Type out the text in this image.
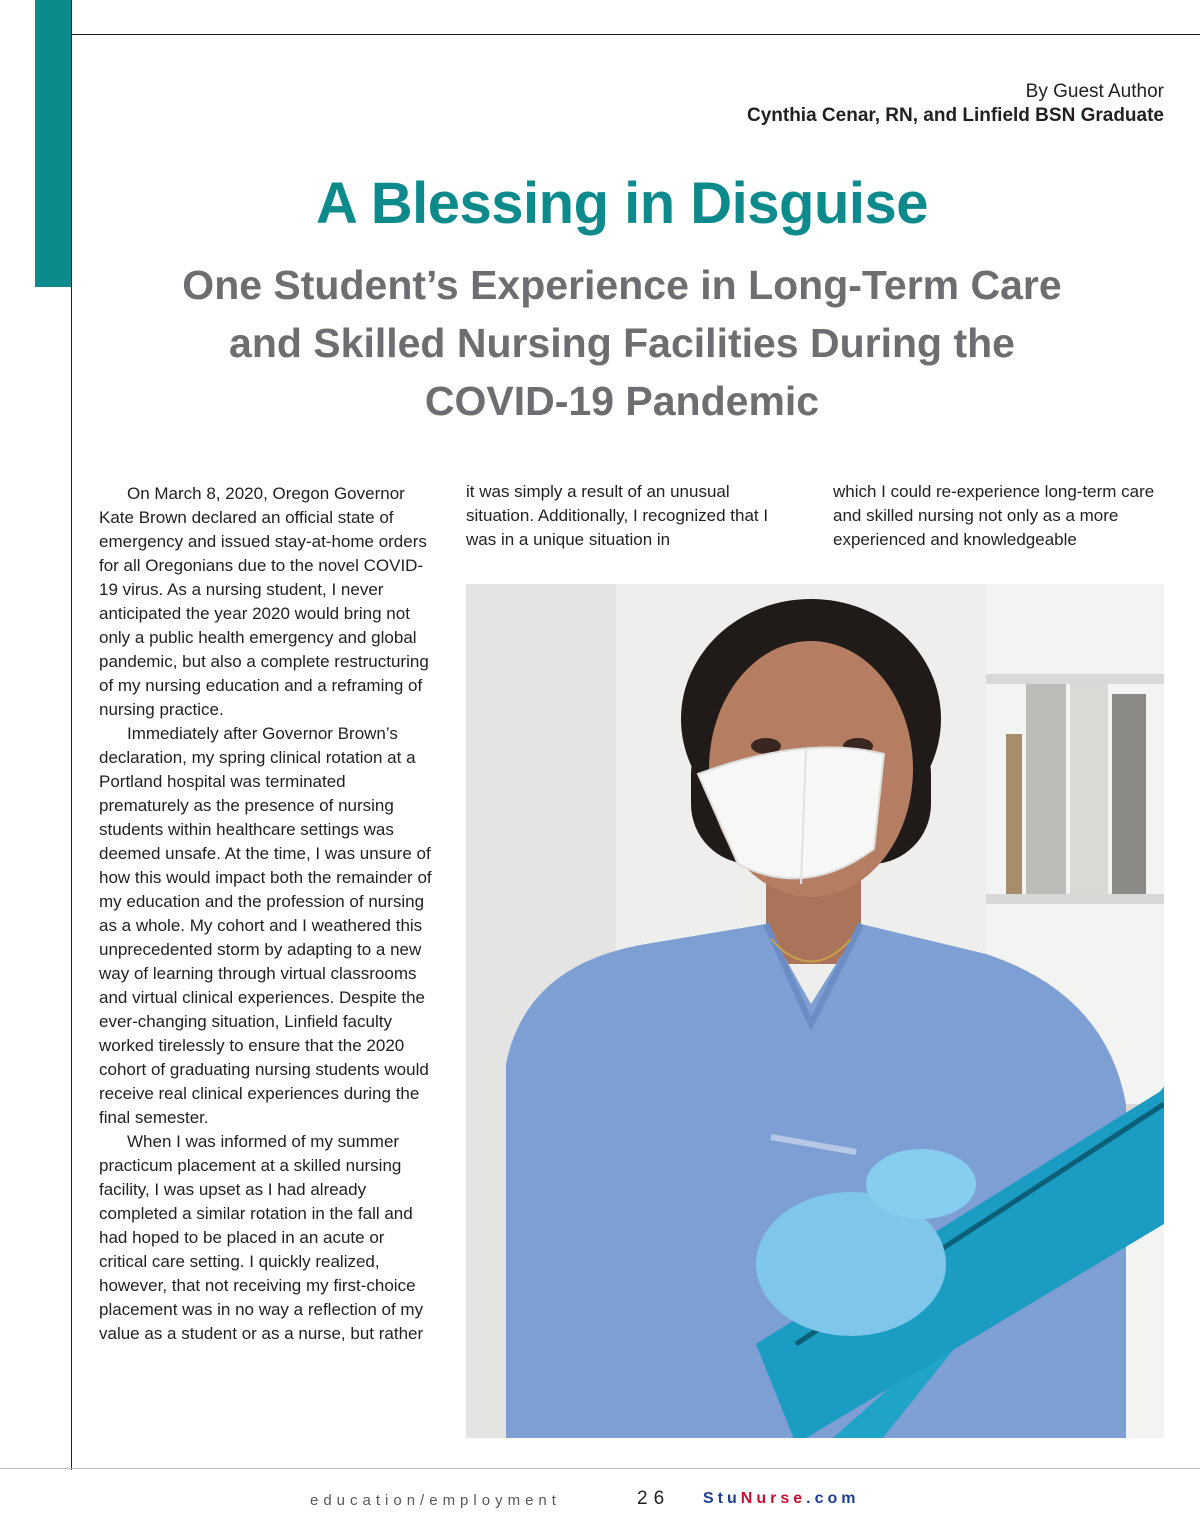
By Guest Author
Cynthia Cenar, RN, and Linfield BSN Graduate
A Blessing in Disguise
One Student’s Experience in Long-Term Care
and Skilled Nursing Facilities During the
COVID-19 Pandemic

On March 8, 2020, Oregon Governor Kate Brown declared an official state of emergency and issued stay-at-home orders for all Oregonians due to the novel COVID-19 virus. As a nursing student, I never anticipated the year 2020 would bring not only a public health emergency and global pandemic, but also a complete restructuring of my nursing education and a reframing of nursing practice.

Immediately after Governor Brown’s declaration, my spring clinical rotation at a Portland hospital was terminated prematurely as the presence of nursing students within healthcare settings was deemed unsafe. At the time, I was unsure of how this would impact both the remainder of my education and the profession of nursing as a whole. My cohort and I weathered this unprecedented storm by adapting to a new way of learning through virtual classrooms and virtual clinical experiences. Despite the ever-changing situation, Linfield faculty worked tirelessly to ensure that the 2020 cohort of graduating nursing students would receive real clinical experiences during the final semester.

When I was informed of my summer practicum placement at a skilled nursing facility, I was upset as I had already completed a similar rotation in the fall and had hoped to be placed in an acute or critical care setting. I quickly realized, however, that not receiving my first-choice placement was in no way a reflection of my value as a student or as a nurse, but rather

it was simply a result of an unusual situation. Additionally, I recognized that I was in a unique situation in

which I could re-experience long-term care and skilled nursing not only as a more experienced and knowledgeable

education/employment	26 StuNurse.com
